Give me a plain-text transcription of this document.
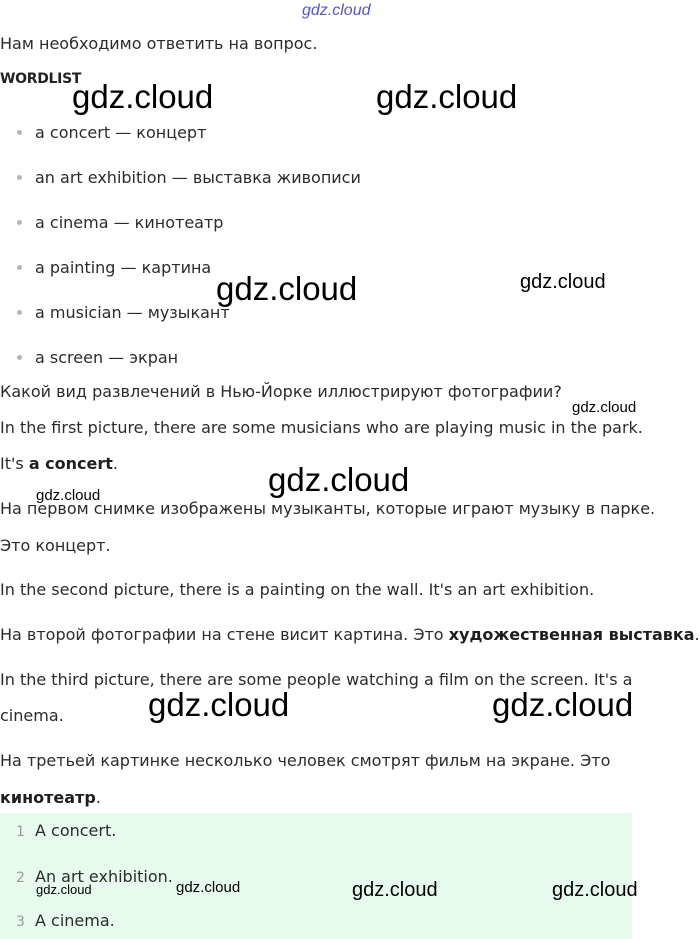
gdz.cloud
Нам необходимо ответить на вопрос.
WORDLIST
a concert — концерт
an art exhibition — выставка живописи
a cinema — кинотеатр
a painting — картина
a musician — музыкант
a screen — экран
Какой вид развлечений в Нью-Йорке иллюстрируют фотографии?
In the first picture, there are some musicians who are playing music in the park.
It's a concert.
На первом снимке изображены музыканты, которые играют музыку в парке.
Это концерт.
In the second picture, there is a painting on the wall. It's an art exhibition.
На второй фотографии на стене висит картина. Это художественная выставка.
In the third picture, there are some people watching a film on the screen. It's a
cinema.
На третьей картинке несколько человек смотрят фильм на экране. Это
кинотеатр.
1 A concert.
2 An art exhibition.
3 A cinema.
gdz.cloud	gdz.cloud
gdz.cloud	gdz.cloud
gdz.cloud
gdz.cloud
gdz.cloud
gdz.cloud	gdz.cloud
gdz.cloud	gdz.cloud	gdz.cloud	gdz.cloud
